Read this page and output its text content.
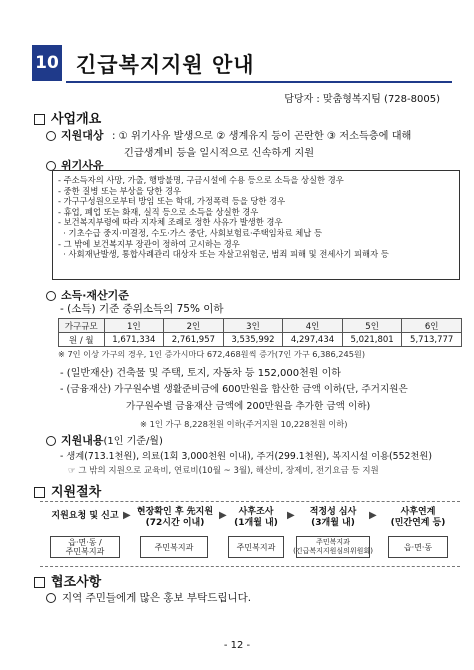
10 긴급복지지원 안내
담당자 : 맞춤형복지팀 (728-8005)
사업개요
지원대상 : ① 위기사유 발생으로 ② 생계유지 등이 곤란한 ③ 저소득층에 대해
긴급생계비 등을 일시적으로 신속하게 지원
위기사유
- 주소득자의 사망, 가출, 행방불명, 구금시설에 수용 등으로 소득을 상실한 경우
- 중한 질병 또는 부상을 당한 경우
- 가구구성원으로부터 방임 또는 학대, 가정폭력 등을 당한 경우
- 휴업, 폐업 또는 화재, 실직 등으로 소득을 상실한 경우
- 보건복지부령에 따라 지자체 조례로 정한 사유가 발생한 경우
· 기초수급 중지·미결정, 수도·가스 중단, 사회보험료·주택임차료 체납 등
- 그 밖에 보건복지부 장관이 정하여 고시하는 경우
· 사회재난발생, 통합사례관리 대상자 또는 자살고위험군, 범죄 피해 및 전세사기 피해자 등
소득·재산기준
- (소득) 기준 중위소득의 75% 이하
가구규모	1인	2인	3인	4인	5인	6인
원 / 월	1,671,334	2,761,957	3,535,992	4,297,434	5,021,801	5,713,777
※ 7인 이상 가구의 경우, 1인 증가시마다 672,468원씩 증가(7인 가구 6,386,245원)
- (일반재산) 건축물 및 주택, 토지, 자동차 등 152,000천원 이하
- (금융재산) 가구원수별 생활준비금에 600만원을 합산한 금액 이하(단, 주거지원은
가구원수별 금융재산 금액에 200만원을 추가한 금액 이하)
※ 1인 가구 8,228천원 이하(주거지원 10,228천원 이하)
지원내용(1인 기준/월)
- 생계(713.1천원), 의료(1회 3,000천원 이내), 주거(299.1천원), 복지시설 이용(552천원)
☞ 그 밖의 지원으로 교육비, 연료비(10월 ~ 3월), 해산비, 장제비, 전기요금 등 지원
지원절차
지원요청 및 신고 ▶ 현장확인 후 先지원
(72시간 이내)
▶	사후조사
(1개월 내)
▶	적정성 심사
(3개월 내)
▶	사후연계
(민간연계 등)
읍·면·동 /
주민복지과	주민복지과	주민복지과
주민복지과
(긴급복지지원심의위원회)	읍·면·동
협조사항
지역 주민들에게 많은 홍보 부탁드립니다.
- 12 -
